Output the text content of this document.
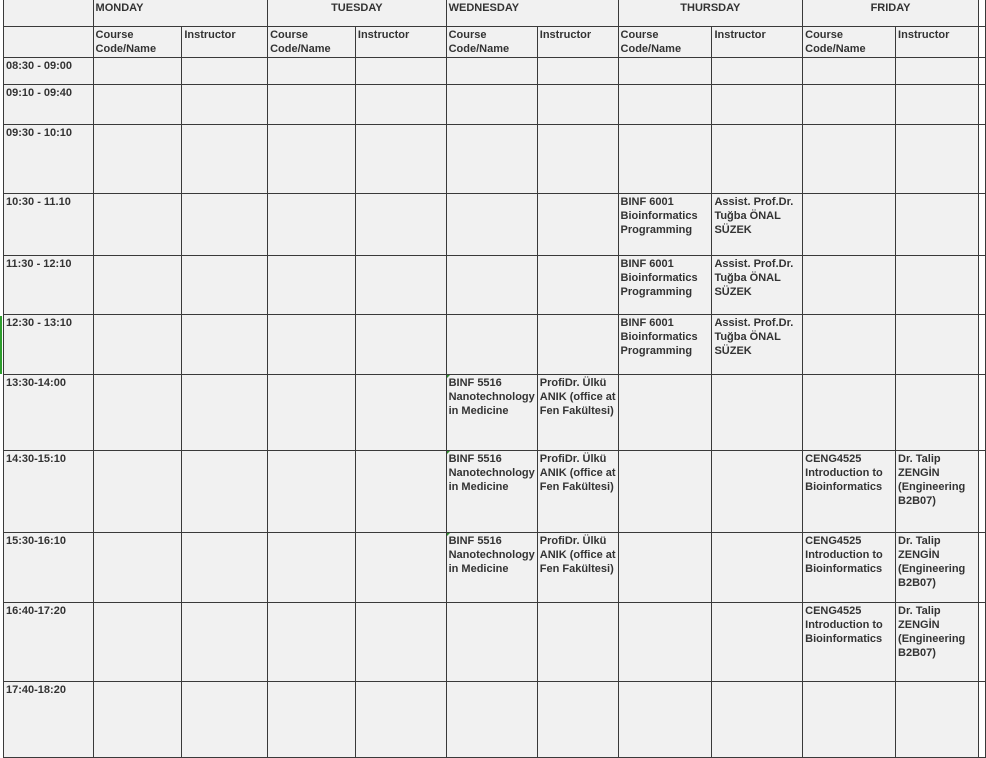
	MONDAY		TUESDAY		WEDNESDAY		THURSDAY		FRIDAY		
	Course Code/Name	Instructor	Course Code/Name	Instructor	Course Code/Name	Instructor	Course Code/Name	Instructor	Course Code/Name	Instructor	
08:30 - 09:00											
09:10 - 09:40											
09:30 - 10:10											
10:30 - 11.10							BINF 6001 Bioinformatics Programming	Assist. Prof.Dr. Tuğba ÖNAL SÜZEK			
11:30 - 12:10							BINF 6001 Bioinformatics Programming	Assist. Prof.Dr. Tuğba ÖNAL SÜZEK			
12:30 - 13:10							BINF 6001 Bioinformatics Programming	Assist. Prof.Dr. Tuğba ÖNAL SÜZEK			
13:30-14:00					BINF 5516 Nanotechnology in Medicine	ProfiDr. Ülkü ANIK (office at Fen Fakültesi)					
14:30-15:10					BINF 5516 Nanotechnology in Medicine	ProfiDr. Ülkü ANIK (office at Fen Fakültesi)			CENG4525 Introduction to Bioinformatics	Dr. Talip ZENGİN (Engineering B2B07)	
15:30-16:10					BINF 5516 Nanotechnology in Medicine	ProfiDr. Ülkü ANIK (office at Fen Fakültesi)			CENG4525 Introduction to Bioinformatics	Dr. Talip ZENGİN (Engineering B2B07)	
16:40-17:20									CENG4525 Introduction to Bioinformatics	Dr. Talip ZENGİN (Engineering B2B07)	
17:40-18:20											
